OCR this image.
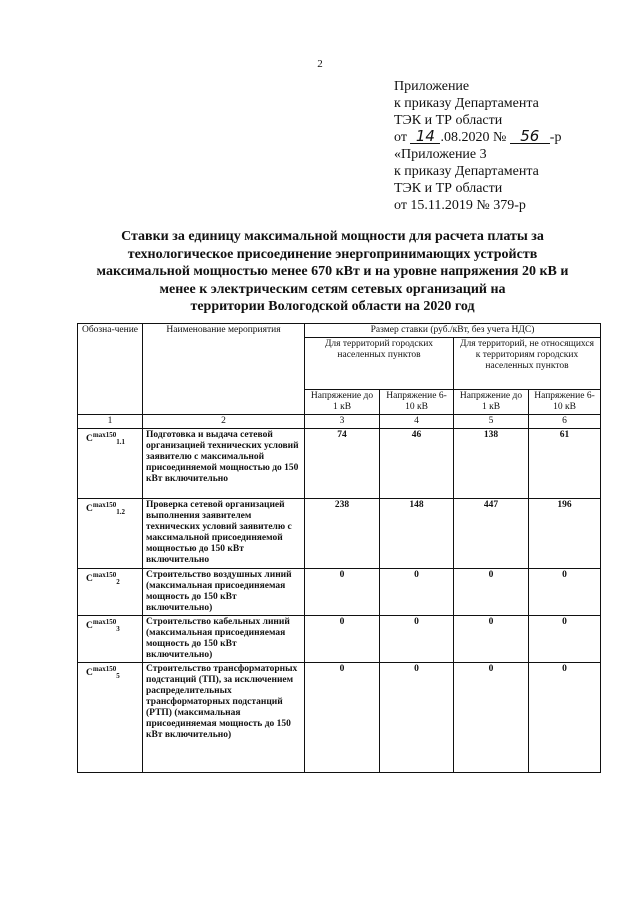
2
Приложение
к приказу Департамента
ТЭК и ТР области
от 14 .08.2020 № 56 -р
«Приложение 3
к приказу Департамента
ТЭК и ТР области
от 15.11.2019 № 379-р
Ставки за единицу максимальной мощности для расчета платы за
технологическое присоединение энергопринимающих устройств
максимальной мощностью менее 670 кВт и на уровне напряжения 20 кВ и
менее к электрическим сетям сетевых организаций на
территории Вологодской области на 2020 год
Обозна-чение	Наименование мероприятия	Размер ставки (руб./кВт, без учета НДС)			
		Для территорий городских населенных пунктов		Для территорий, не относящихся к территориям городских населенных пунктов	
		Напряжение до 1 кВ	Напряжение 6-10 кВ	Напряжение до 1 кВ	Напряжение 6-10 кВ
1	2	3	4	5	6
$C^{max150}_{1.1}$	Подготовка и выдача сетевой организацией технических условий заявителю с максимальной присоединяемой мощностью до 150 кВт включительно	74	46	138	61
$C^{max150}_{1.2}$	Проверка сетевой организацией выполнения заявителем технических условий заявителю с максимальной присоединяемой мощностью до 150 кВт включительно	238	148	447	196
$C^{max150}_2$	Строительство воздушных линий (максимальная присоединяемая мощность до 150 кВт включительно)	0	0	0	0
$C^{max150}_3$	Строительство кабельных линий (максимальная присоединяемая мощность до 150 кВт включительно)	0	0	0	0
$C^{max150}_5$	Строительство трансформаторных подстанций (ТП), за исключением распределительных трансформаторных подстанций (РТП) (максимальная присоединяемая мощность до 150 кВт включительно)	0	0	0	0
